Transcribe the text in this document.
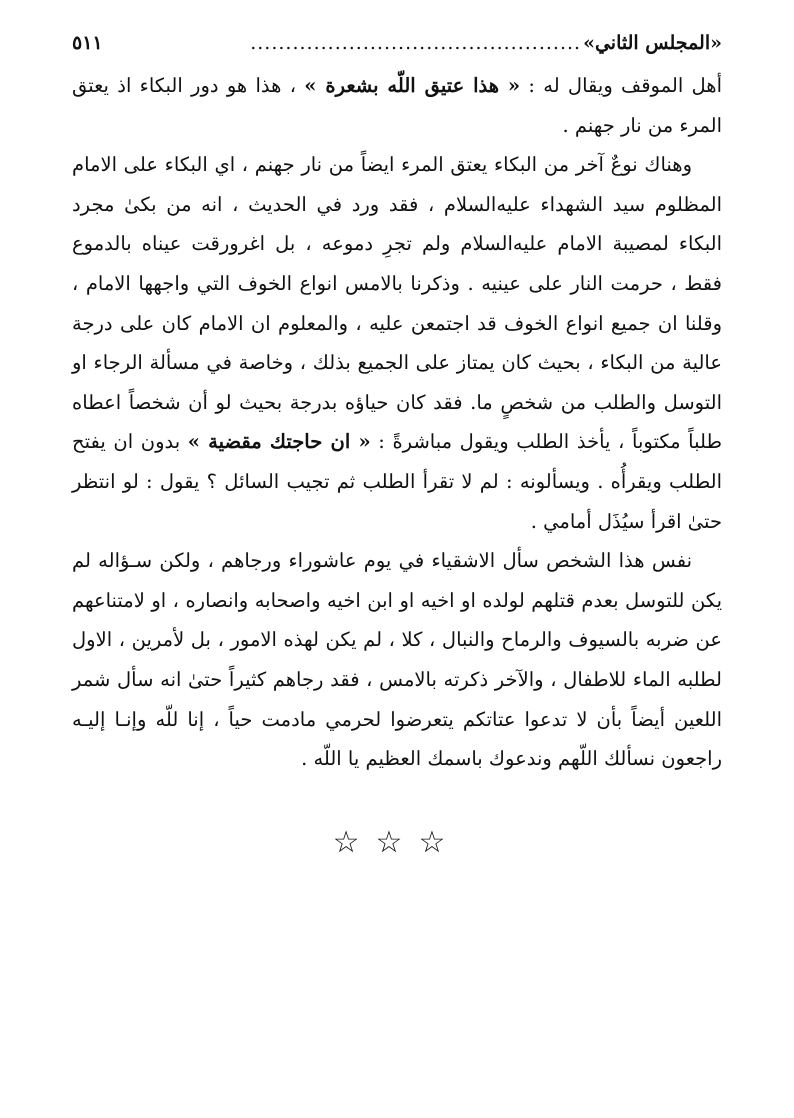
«المجلس الثاني»
...............................................
٥١١

أهل الموقف ويقال له : « هذا عتيق اللّه بشعرة » ، هذا هو دور البكاء اذ يعتق المرء من نار جهنم .

وهناك نوعٌ آخر من البكاء يعتق المرء ايضاً من نار جهنم ، اي البكاء على الامام المظلوم سيد الشهداء عليه‌السلام ، فقد ورد في الحديث ، انه من بكىٰ مجرد البكاء لمصيبة الامام عليه‌السلام ولم تجرِ دموعه ، بل اغرورقت عيناه بالدموع فقط ، حرمت النار على عينيه . وذكرنا بالامس انواع الخوف التي واجهها الامام ، وقلنا ان جميع انواع الخوف قد اجتمعن عليه ، والمعلوم ان الامام كان على درجة عالية من البكاء ، بحيث كان يمتاز على الجميع بذلك ، وخاصة في مسألة الرجاء او التوسل والطلب من شخصٍ ما. فقد كان حياؤه بدرجة بحيث لو أن شخصاً اعطاه طلباً مكتوباً ، يأخذ الطلب ويقول مباشرةً : « ان حاجتك مقضية » بدون ان يفتح الطلب ويقرأُه . ويسألونه : لم لا تقرأ الطلب ثم تجيب السائل ؟ يقول : لو انتظر حتىٰ اقرأ سيُذَل أمامي .

نفس هذا الشخص سأل الاشقياء في يوم عاشوراء ورجاهم ، ولكن سـؤاله لم يكن للتوسل بعدم قتلهم لولده او اخيه او ابن اخيه واصحابه وانصاره ، او لامتناعهم عن ضربه بالسيوف والرماح والنبال ، كلا ، لم يكن لهذه الامور ، بل لأمرين ، الاول لطلبه الماء للاطفال ، والآخر ذكرته بالامس ، فقد رجاهم كثيراً حتىٰ انه سأل شمر اللعين أيضاً بأن لا تدعوا عتاتكم يتعرضوا لحرمي مادمت حياً ، إنا للّه وإنـا إليـه راجعون نسألك اللّهم وندعوك باسمك العظيم يا اللّه .

☆☆☆
